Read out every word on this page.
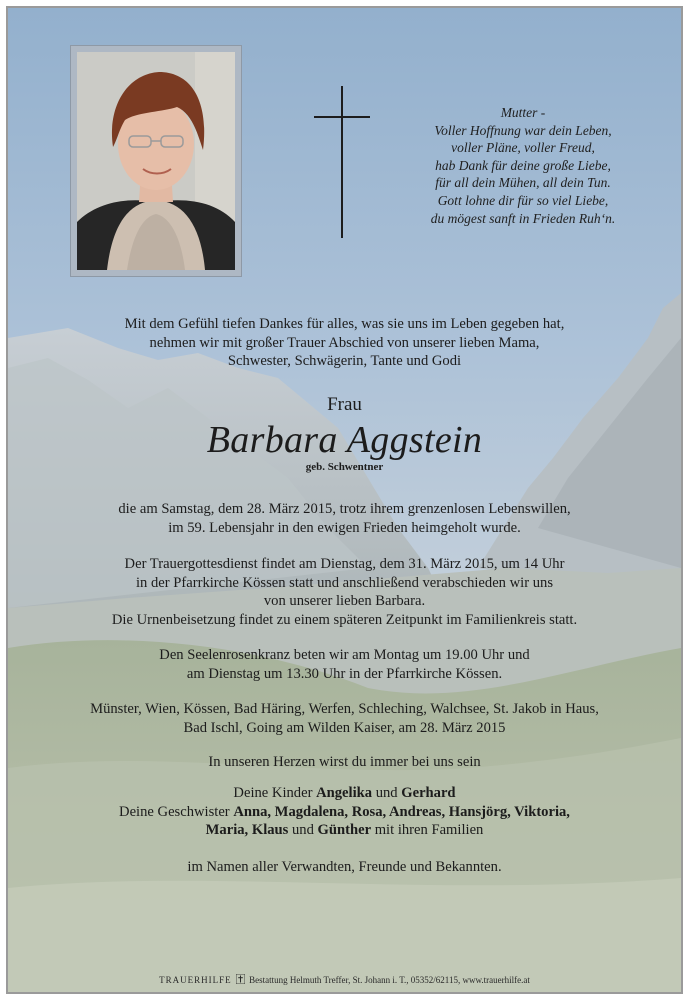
Mutter -
Voller Hoffnung war dein Leben,
voller Pläne, voller Freud,
hab Dank für deine große Liebe,
für all dein Mühen, all dein Tun.
Gott lohne dir für so viel Liebe,
du mögest sanft in Frieden Ruh‘n.
Mit dem Gefühl tiefen Dankes für alles, was sie uns im Leben gegeben hat,
nehmen wir mit großer Trauer Abschied von unserer lieben Mama,
Schwester, Schwägerin, Tante und Godi
Frau
Barbara Aggstein
geb. Schwentner
die am Samstag, dem 28. März 2015, trotz ihrem grenzenlosen Lebenswillen,
im 59. Lebensjahr in den ewigen Frieden heimgeholt wurde.
Der Trauergottesdienst findet am Dienstag, dem 31. März 2015, um 14 Uhr
in der Pfarrkirche Kössen statt und anschließend verabschieden wir uns
von unserer lieben Barbara.
Die Urnenbeisetzung findet zu einem späteren Zeitpunkt im Familienkreis statt.
Den Seelenrosenkranz beten wir am Montag um 19.00 Uhr und
am Dienstag um 13.30 Uhr in der Pfarrkirche Kössen.
Münster, Wien, Kössen, Bad Häring, Werfen, Schleching, Walchsee, St. Jakob in Haus,
Bad Ischl, Going am Wilden Kaiser, am 28. März 2015
In unseren Herzen wirst du immer bei uns sein
Deine Kinder Angelika und Gerhard
Deine Geschwister Anna, Magdalena, Rosa, Andreas, Hansjörg, Viktoria,
Maria, Klaus und Günther mit ihren Familien
im Namen aller Verwandten, Freunde und Bekannten.
TRAUERHILFE Bestattung Helmuth Treffer, St. Johann i. T., 05352/62115, www.trauerhilfe.at
